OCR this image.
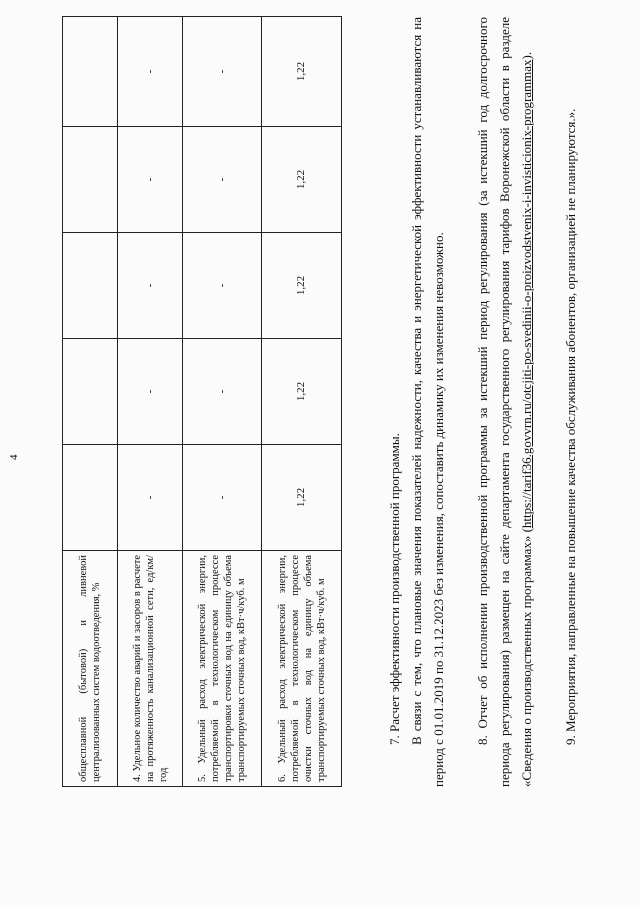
4
общесплавной (бытовой) и ливневой централизованных систем водоотведения, %					
4. Удельное количество аварий и засоров в расчете на протяженность канализационной сети, ед/км/год	-	-	-	-	-
5. Удельный расход электрической энергии, потребляемой в технологическом процессе транспортировки сточных вод на единицу объема транспортируемых сточных вод, кВт·ч/куб. м	-	-	-	-	-
6. Удельный расход электрической энергии, потребляемой в технологическом процессе очистки сточных вод на единицу объема транспортируемых сточных вод, кВт·ч/куб. м	1,22	1,22	1,22	1,22	1,22
7. Расчет эффективности производственной программы. В связи с тем, что плановые значения показателей надежности, качества и энергетической эффективности устанавливаются на период с 01.01.2019 по 31.12.2023 без изменения, сопоставить динамику их изменения невозможно.	8. Отчет об исполнении производственной программы за истекший период регулирования (за истекший год долгосрочного периода регулирования) размещен на сайте департамента государственного регулирования тарифов Воронежской области в разделе «Сведения о производственных программах» (https://tarif36.govvrn.ru/otcjiti-po-svedinii-o-proizvodstvenix-i-invisticionix-programmax).
9. Мероприятия, направленные на повышение качества обслуживания абонентов, организацией не планируются.».
